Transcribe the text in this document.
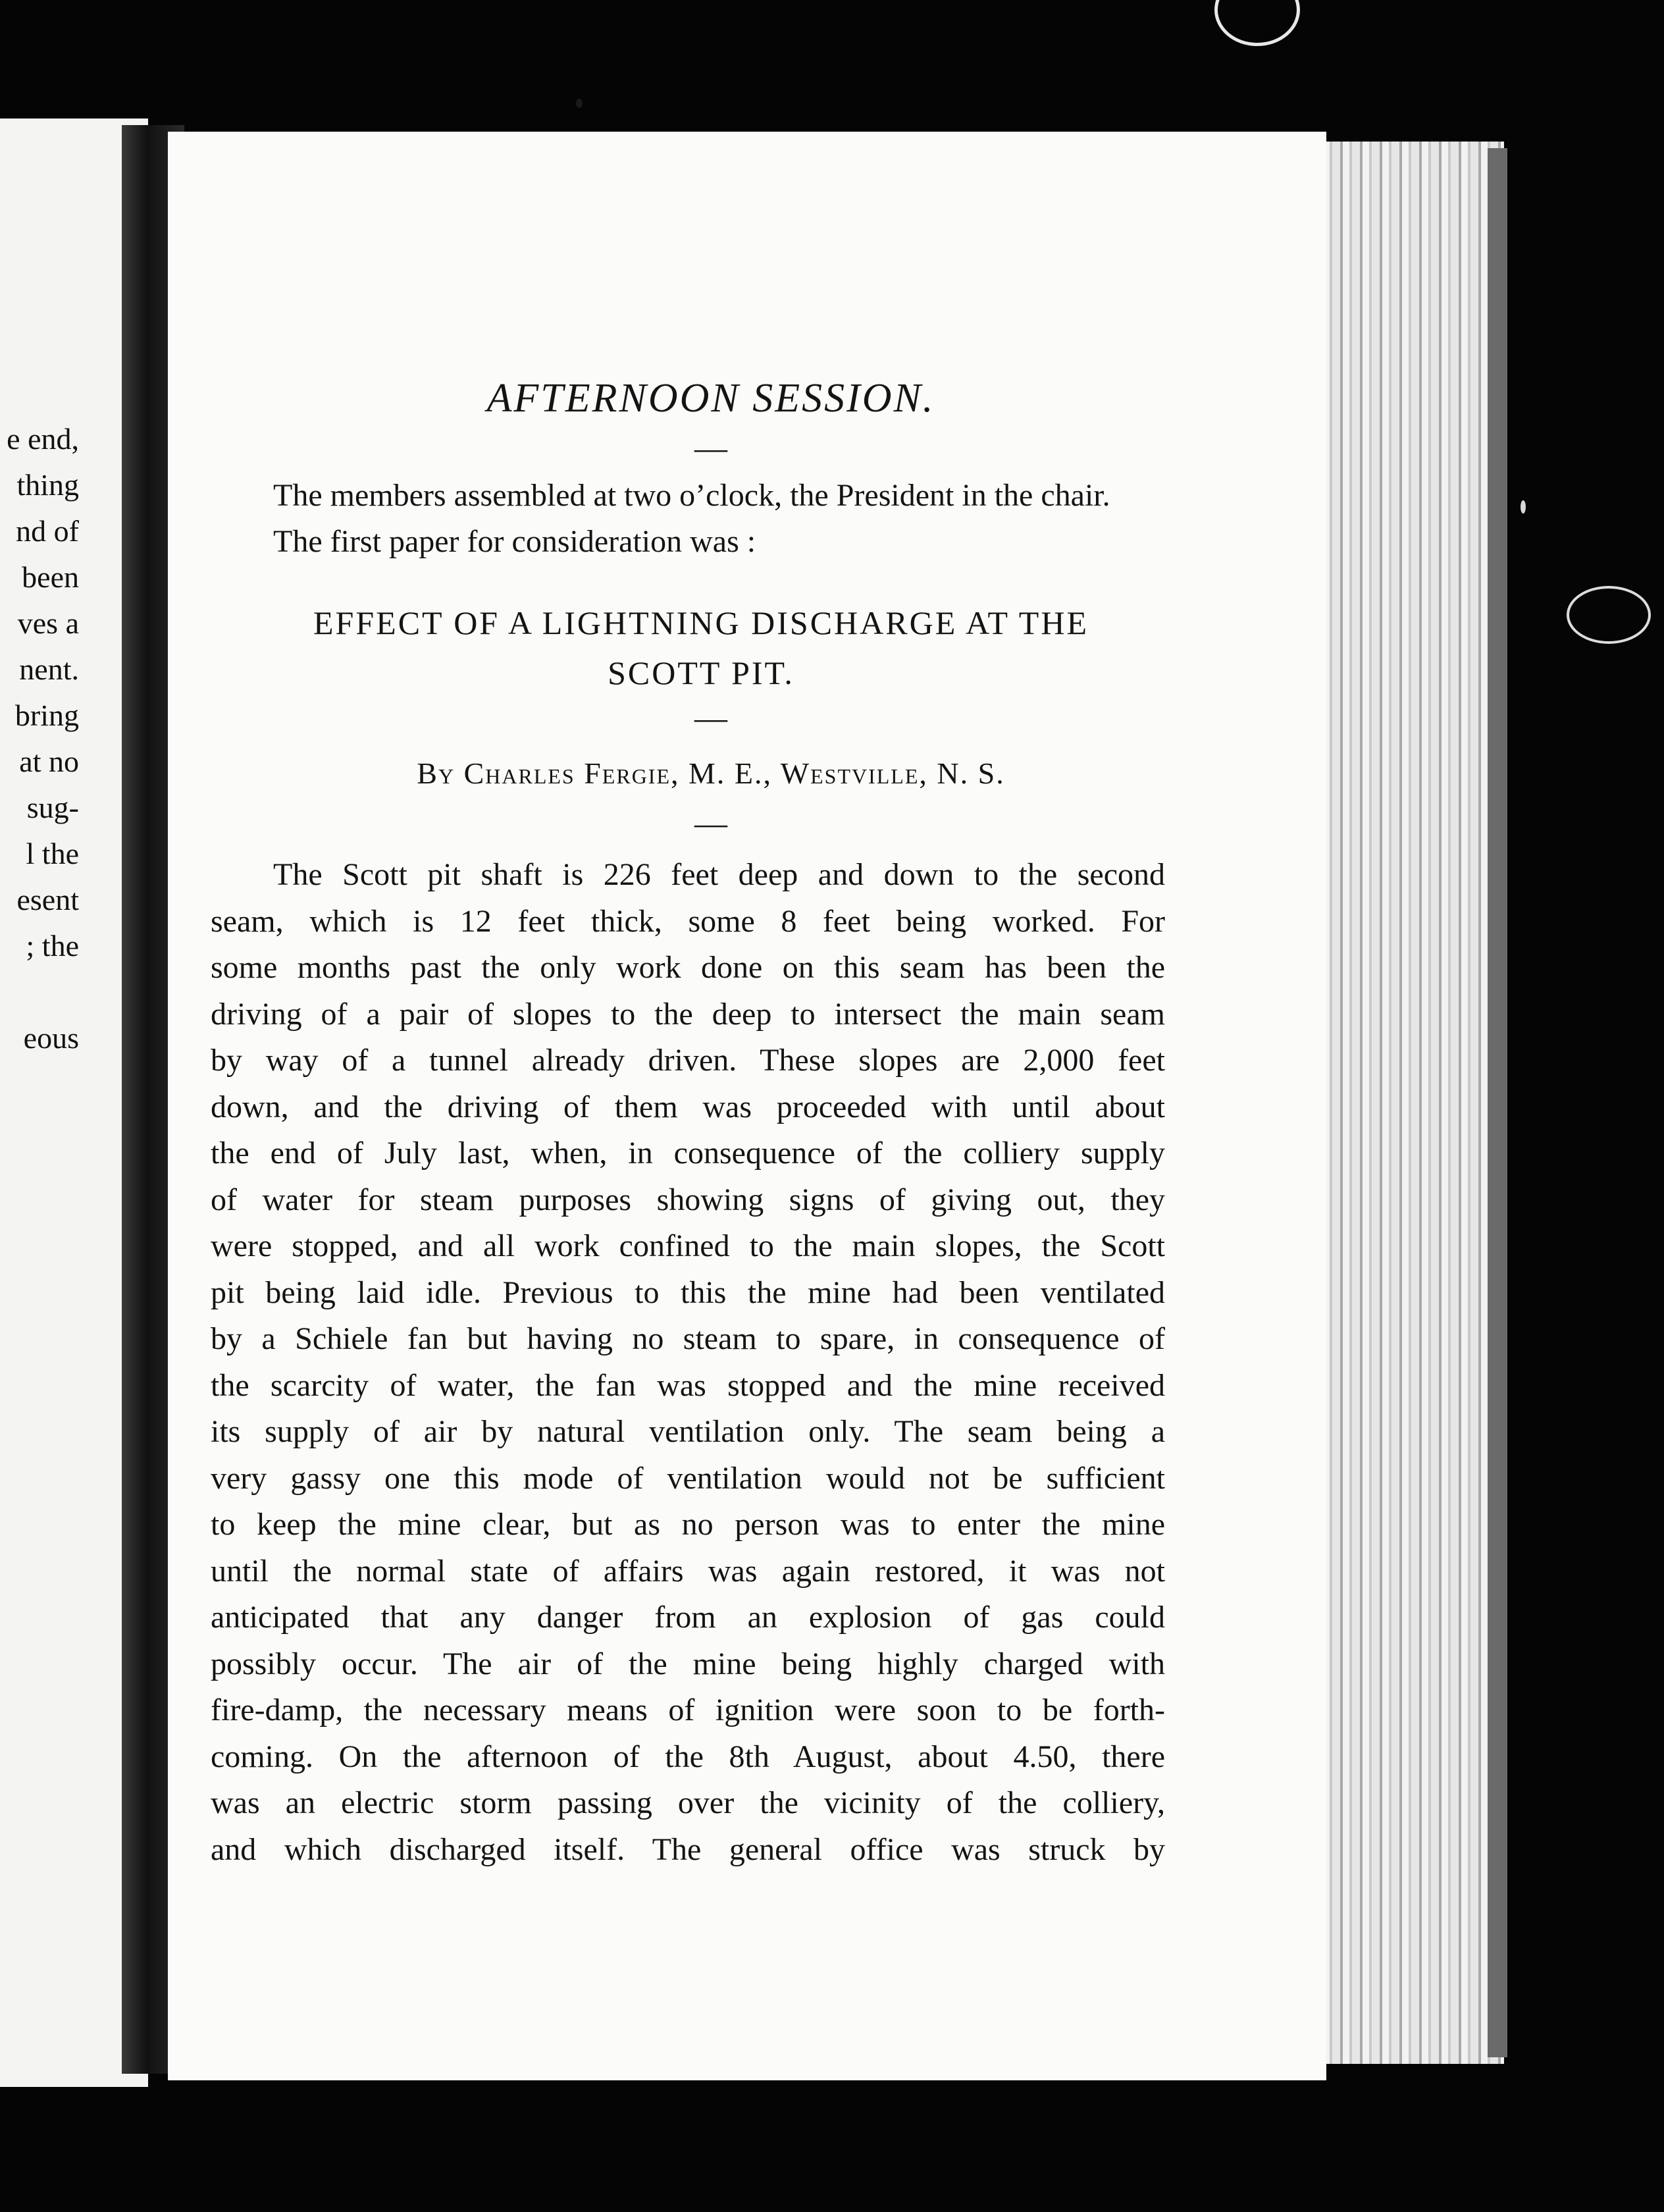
e end,
thing
nd of
been
ves a
nent.
bring
at no
sug-
l the
esent
; the
eous
AFTERNOON SESSION.
—

The members assembled at two o’clock, the President in the chair.

The first paper for consideration was :

EFFECT OF A LIGHTNING DISCHARGE AT THE
SCOTT PIT.
—
By Charles Fergie, M. E., Westville, N. S.
—
The Scott pit shaft is 226 feet deep and down to the second
seam, which is 12 feet thick, some 8 feet being worked. For
some months past the only work done on this seam has been the
driving of a pair of slopes to the deep to intersect the main seam
by way of a tunnel already driven. These slopes are 2,000 feet
down, and the driving of them was proceeded with until about
the end of July last, when, in consequence of the colliery supply
of water for steam purposes showing signs of giving out, they
were stopped, and all work confined to the main slopes, the Scott
pit being laid idle. Previous to this the mine had been ventilated
by a Schiele fan but having no steam to spare, in consequence of
the scarcity of water, the fan was stopped and the mine received
its supply of air by natural ventilation only. The seam being a
very gassy one this mode of ventilation would not be sufficient
to keep the mine clear, but as no person was to enter the mine
until the normal state of affairs was again restored, it was not
anticipated that any danger from an explosion of gas could
possibly occur. The air of the mine being highly charged with
fire-damp, the necessary means of ignition were soon to be forth-
coming. On the afternoon of the 8th August, about 4.50, there
was an electric storm passing over the vicinity of the colliery,
and which discharged itself. The general office was struck by
